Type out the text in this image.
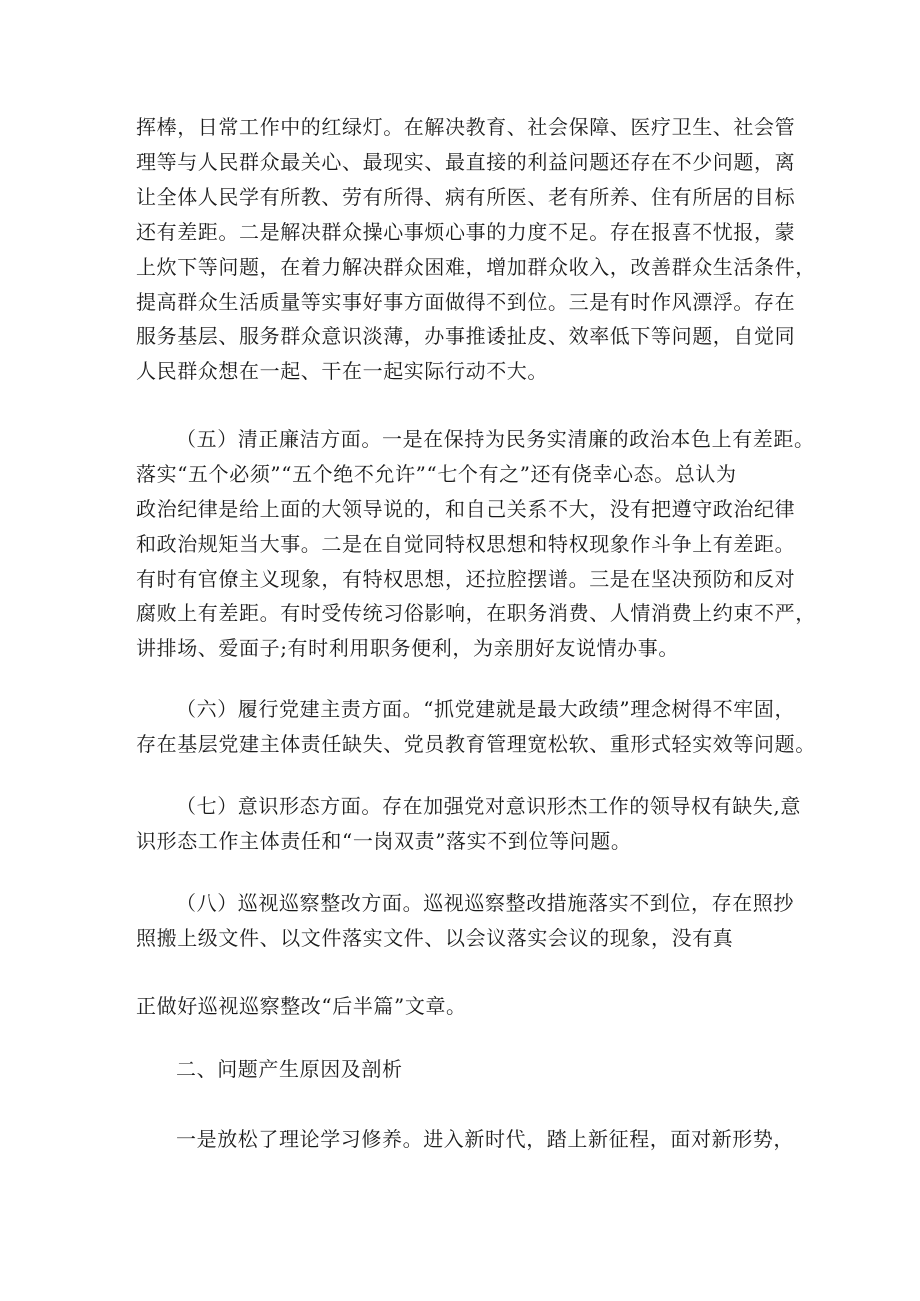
挥棒，日常工作中的红绿灯。在解决教育、社会保障、医疗卫生、社会管
理等与人民群众最关心、最现实、最直接的利益问题还存在不少问题，离
让全体人民学有所教、劳有所得、病有所医、老有所养、住有所居的目标
还有差距。二是解决群众操心事烦心事的力度不足。存在报喜不忧报，蒙
上炊下等问题，在着力解决群众困难，增加群众收入，改善群众生活条件，
提高群众生活质量等实事好事方面做得不到位。三是有时作风漂浮。存在
服务基层、服务群众意识淡薄，办事推诿扯皮、效率低下等问题，自觉同
人民群众想在一起、干在一起实际行动不大。
（五）清正廉洁方面。一是在保持为民务实清廉的政治本色上有差距。
落实“五个必须”“五个绝不允许”“七个有之”还有侥幸心态。总认为
政治纪律是给上面的大领导说的，和自己关系不大，没有把遵守政治纪律
和政治规矩当大事。二是在自觉同特权思想和特权现象作斗争上有差距。
有时有官僚主义现象，有特权思想，还拉腔摆谱。三是在坚决预防和反对
腐败上有差距。有时受传统习俗影响，在职务消费、人情消费上约束不严，
讲排场、爱面子;有时利用职务便利，为亲朋好友说情办事。
（六）履行党建主责方面。“抓党建就是最大政绩”理念树得不牢固，
存在基层党建主体责任缺失、党员教育管理宽松软、重形式轻实效等问题。
（七）意识形态方面。存在加强党对意识形杰工作的领导权有缺失,意
识形态工作主体责任和“一岗双责”落实不到位等问题。
（八）巡视巡察整改方面。巡视巡察整改措施落实不到位，存在照抄
照搬上级文件、以文件落实文件、以会议落实会议的现象，没有真
正做好巡视巡察整改“后半篇”文章。
二、问题产生原因及剖析
一是放松了理论学习修养。进入新时代，踏上新征程，面对新形势，
